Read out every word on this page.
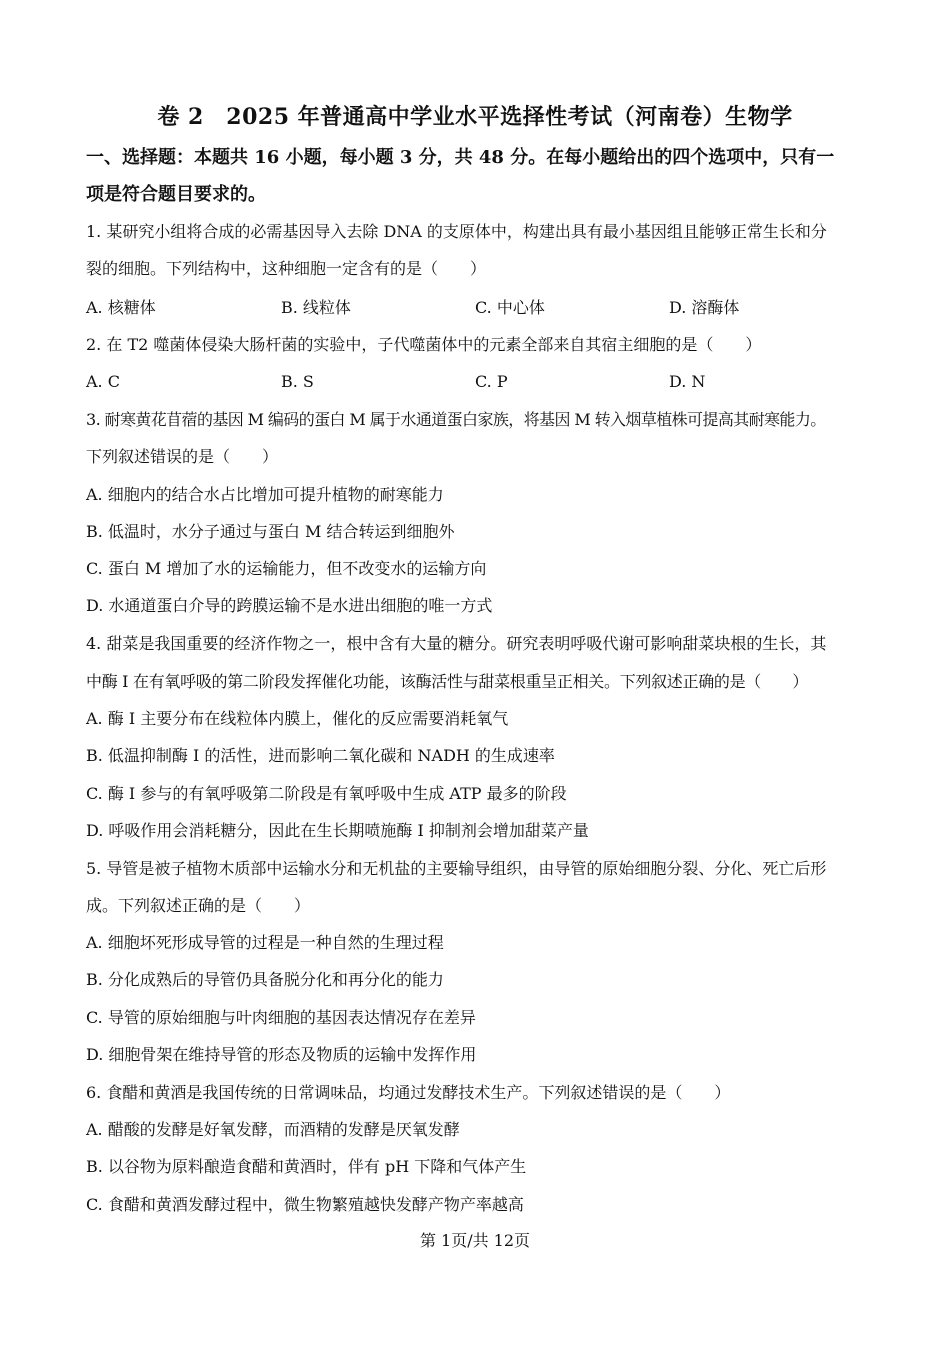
卷 2　2025 年普通高中学业水平选择性考试（河南卷）生物学
一、选择题：本题共 16 小题，每小题 3 分，共 48 分。在每小题给出的四个选项中，只有一
项是符合题目要求的。
1. 某研究小组将合成的必需基因导入去除 DNA 的支原体中，构建出具有最小基因组且能够正常生长和分
裂的细胞。下列结构中，这种细胞一定含有的是（　　）
A. 核糖体	B. 线粒体	C. 中心体	D. 溶酶体
2. 在 T2 噬菌体侵染大肠杆菌的实验中，子代噬菌体中的元素全部来自其宿主细胞的是（　　）
A. C	B. S	C. P	D. N
3. 耐寒黄花苜蓿的基因 M 编码的蛋白 M 属于水通道蛋白家族，将基因 M 转入烟草植株可提高其耐寒能力。
下列叙述错误的是（　　）
A. 细胞内的结合水占比增加可提升植物的耐寒能力
B. 低温时，水分子通过与蛋白 M 结合转运到细胞外
C. 蛋白 M 增加了水的运输能力，但不改变水的运输方向
D. 水通道蛋白介导的跨膜运输不是水进出细胞的唯一方式
4. 甜菜是我国重要的经济作物之一，根中含有大量的糖分。研究表明呼吸代谢可影响甜菜块根的生长，其
中酶 I 在有氧呼吸的第二阶段发挥催化功能，该酶活性与甜菜根重呈正相关。下列叙述正确的是（　　）
A. 酶 I 主要分布在线粒体内膜上，催化的反应需要消耗氧气
B. 低温抑制酶 I 的活性，进而影响二氧化碳和 NADH 的生成速率
C. 酶 I 参与的有氧呼吸第二阶段是有氧呼吸中生成 ATP 最多的阶段
D. 呼吸作用会消耗糖分，因此在生长期喷施酶 I 抑制剂会增加甜菜产量
5. 导管是被子植物木质部中运输水分和无机盐的主要输导组织，由导管的原始细胞分裂、分化、死亡后形
成。下列叙述正确的是（　　）
A. 细胞坏死形成导管的过程是一种自然的生理过程
B. 分化成熟后的导管仍具备脱分化和再分化的能力
C. 导管的原始细胞与叶肉细胞的基因表达情况存在差异
D. 细胞骨架在维持导管的形态及物质的运输中发挥作用
6. 食醋和黄酒是我国传统的日常调味品，均通过发酵技术生产。下列叙述错误的是（　　）
A. 醋酸的发酵是好氧发酵，而酒精的发酵是厌氧发酵
B. 以谷物为原料酿造食醋和黄酒时，伴有 pH 下降和气体产生
C. 食醋和黄酒发酵过程中，微生物繁殖越快发酵产物产率越高
第 1页/共 12页
